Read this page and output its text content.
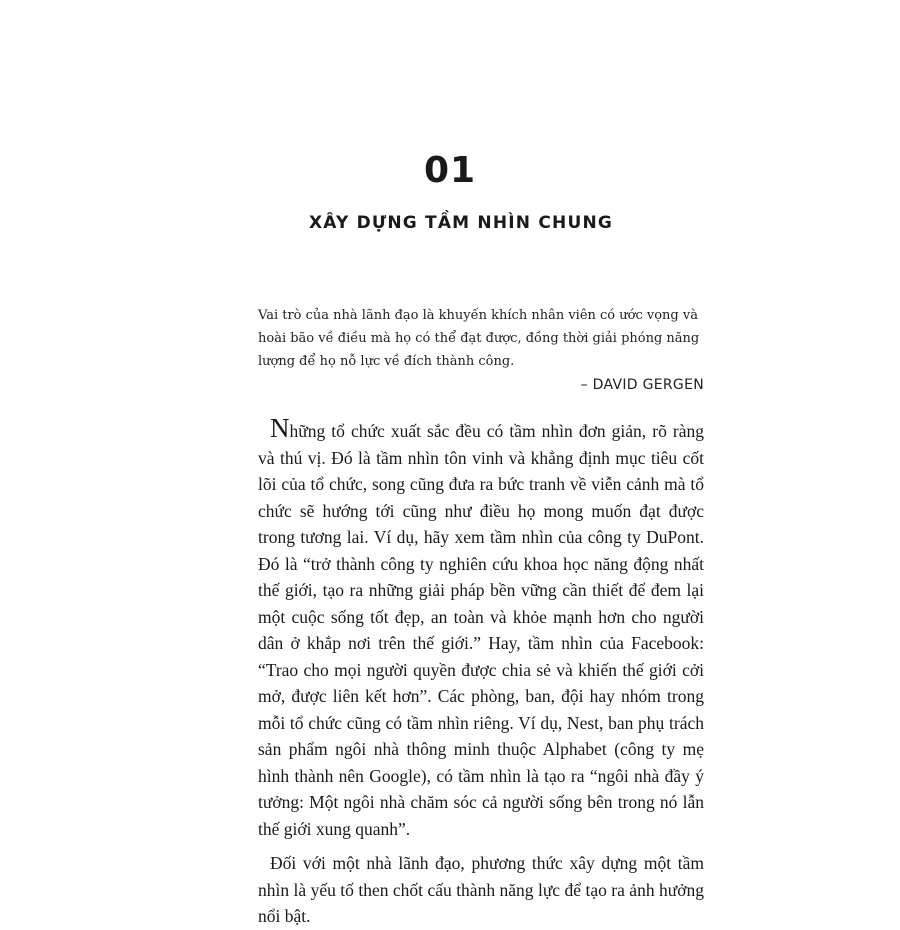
01
XÂY DỰNG TẦM NHÌN CHUNG
Vai trò của nhà lãnh đạo là khuyến khích nhân viên có ước vọng và hoài bão về điều mà họ có thể đạt được, đồng thời giải phóng năng lượng để họ nỗ lực về đích thành công.
– DAVID GERGEN

Những tổ chức xuất sắc đều có tầm nhìn đơn giản, rõ ràng và thú vị. Đó là tầm nhìn tôn vinh và khẳng định mục tiêu cốt lõi của tổ chức, song cũng đưa ra bức tranh về viễn cảnh mà tổ chức sẽ hướng tới cũng như điều họ mong muốn đạt được trong tương lai. Ví dụ, hãy xem tầm nhìn của công ty DuPont. Đó là “trở thành công ty nghiên cứu khoa học năng động nhất thế giới, tạo ra những giải pháp bền vững cần thiết để đem lại một cuộc sống tốt đẹp, an toàn và khỏe mạnh hơn cho người dân ở khắp nơi trên thế giới.” Hay, tầm nhìn của Facebook: “Trao cho mọi người quyền được chia sẻ và khiến thế giới cởi mở, được liên kết hơn”. Các phòng, ban, đội hay nhóm trong mỗi tổ chức cũng có tầm nhìn riêng. Ví dụ, Nest, ban phụ trách sản phẩm ngôi nhà thông minh thuộc Alphabet (công ty mẹ hình thành nên Google), có tầm nhìn là tạo ra “ngôi nhà đầy ý tưởng: Một ngôi nhà chăm sóc cả người sống bên trong nó lẫn thế giới xung quanh”.

Đối với một nhà lãnh đạo, phương thức xây dựng một tầm nhìn là yếu tố then chốt cấu thành năng lực để tạo ra ảnh hưởng nổi bật.
